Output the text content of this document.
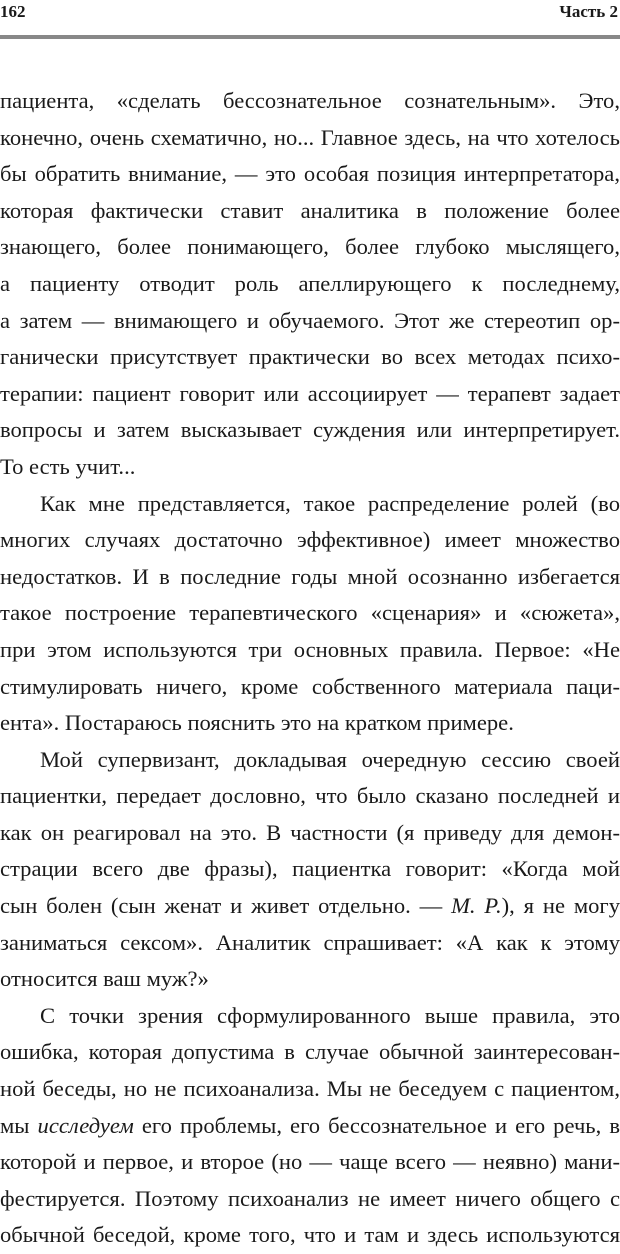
162	Часть 2
пациента, «сделать бессознательное сознательным». Это,
конечно, очень схематично, но... Главное здесь, на что хотелось
бы обратить внимание, — это особая позиция интерпретатора,
которая фактически ставит аналитика в положение более
знающего, более понимающего, более глубоко мыслящего,
а пациенту отводит роль апеллирующего к последнему,
а затем — внимающего и обучаемого. Этот же стереотип ор-
ганически присутствует практически во всех методах психо-
терапии: пациент говорит или ассоциирует — терапевт задает
вопросы и затем высказывает суждения или интерпретирует.
То есть учит...
Как мне представляется, такое распределение ролей (во
многих случаях достаточно эффективное) имеет множество
недостатков. И в последние годы мной осознанно избегается
такое построение терапевтического «сценария» и «сюжета»,
при этом используются три основных правила. Первое: «Не
стимулировать ничего, кроме собственного материала паци-
ента». Постараюсь пояснить это на кратком примере.
Мой супервизант, докладывая очередную сессию своей
пациентки, передает дословно, что было сказано последней и
как он реагировал на это. В частности (я приведу для демон-
страции всего две фразы), пациентка говорит: «Когда мой
сын болен (сын женат и живет отдельно. — М. Р.), я не могу
заниматься сексом». Аналитик спрашивает: «А как к этому
относится ваш муж?»
С точки зрения сформулированного выше правила, это
ошибка, которая допустима в случае обычной заинтересован-
ной беседы, но не психоанализа. Мы не беседуем с пациентом,
мы исследуем его проблемы, его бессознательное и его речь, в
которой и первое, и второе (но — чаще всего — неявно) мани-
фестируется. Поэтому психоанализ не имеет ничего общего с
обычной беседой, кроме того, что и там и здесь используются
